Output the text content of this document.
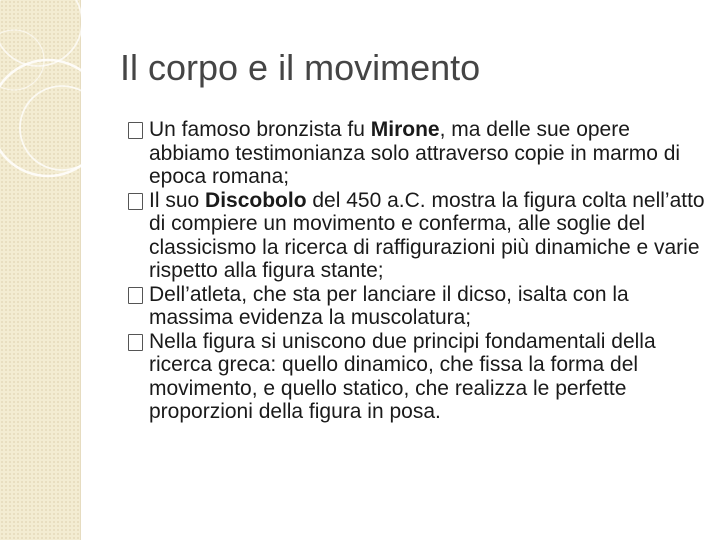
Il corpo e il movimento
Un famoso bronzista fu Mirone, ma delle sue opere abbiamo testimonianza solo attraverso copie in marmo di epoca romana;
Il suo Discobolo del 450 a.C. mostra la figura colta nell’atto di compiere un movimento e conferma, alle soglie del classicismo la ricerca di raffigurazioni più dinamiche e varie rispetto alla figura stante;
Dell’atleta, che sta per lanciare il dicso, isalta con la massima evidenza la muscolatura;
Nella figura si uniscono due principi fondamentali della ricerca greca: quello dinamico, che fissa la forma del movimento, e quello statico, che realizza le perfette proporzioni della figura in posa.
